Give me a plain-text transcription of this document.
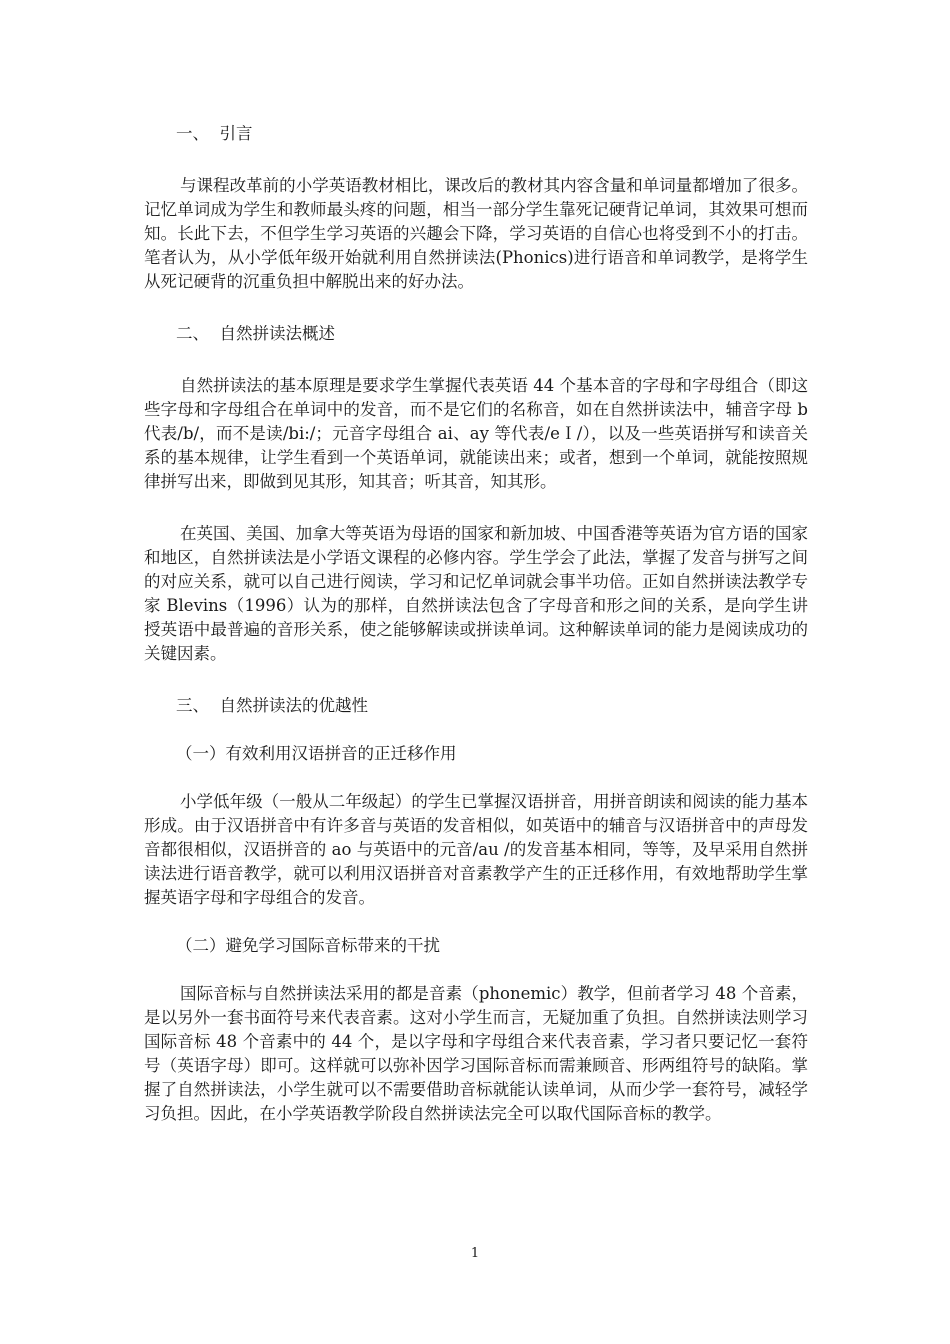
一、  引言

与课程改革前的小学英语教材相比，课改后的教材其内容含量和单词量都增加了很多。记忆单词成为学生和教师最头疼的问题，相当一部分学生靠死记硬背记单词，其效果可想而知。长此下去，不但学生学习英语的兴趣会下降，学习英语的自信心也将受到不小的打击。笔者认为，从小学低年级开始就利用自然拼读法(Phonics)进行语音和单词教学，是将学生从死记硬背的沉重负担中解脱出来的好办法。

二、  自然拼读法概述

自然拼读法的基本原理是要求学生掌握代表英语 44 个基本音的字母和字母组合（即这些字母和字母组合在单词中的发音，而不是它们的名称音，如在自然拼读法中，辅音字母 b 代表/b/，而不是读/bi:/；元音字母组合 ai、ay 等代表/eＩ/），以及一些英语拼写和读音关系的基本规律，让学生看到一个英语单词，就能读出来；或者，想到一个单词，就能按照规律拼写出来，即做到见其形，知其音；听其音，知其形。

在英国、美国、加拿大等英语为母语的国家和新加坡、中国香港等英语为官方语的国家和地区，自然拼读法是小学语文课程的必修内容。学生学会了此法，掌握了发音与拼写之间的对应关系，就可以自己进行阅读，学习和记忆单词就会事半功倍。正如自然拼读法教学专家 Blevins（1996）认为的那样，自然拼读法包含了字母音和形之间的关系，是向学生讲授英语中最普遍的音形关系，使之能够解读或拼读单词。这种解读单词的能力是阅读成功的关键因素。

三、  自然拼读法的优越性

（一）有效利用汉语拼音的正迁移作用

小学低年级（一般从二年级起）的学生已掌握汉语拼音，用拼音朗读和阅读的能力基本形成。由于汉语拼音中有许多音与英语的发音相似，如英语中的辅音与汉语拼音中的声母发音都很相似，汉语拼音的 ao 与英语中的元音/au /的发音基本相同，等等，及早采用自然拼读法进行语音教学，就可以利用汉语拼音对音素教学产生的正迁移作用，有效地帮助学生掌握英语字母和字母组合的发音。

（二）避免学习国际音标带来的干扰

国际音标与自然拼读法采用的都是音素（phonemic）教学，但前者学习 48 个音素，是以另外一套书面符号来代表音素。这对小学生而言，无疑加重了负担。自然拼读法则学习国际音标 48 个音素中的 44 个，是以字母和字母组合来代表音素，学习者只要记忆一套符号（英语字母）即可。这样就可以弥补因学习国际音标而需兼顾音、形两组符号的缺陷。掌握了自然拼读法，小学生就可以不需要借助音标就能认读单词，从而少学一套符号，减轻学习负担。因此，在小学英语教学阶段自然拼读法完全可以取代国际音标的教学。

1
